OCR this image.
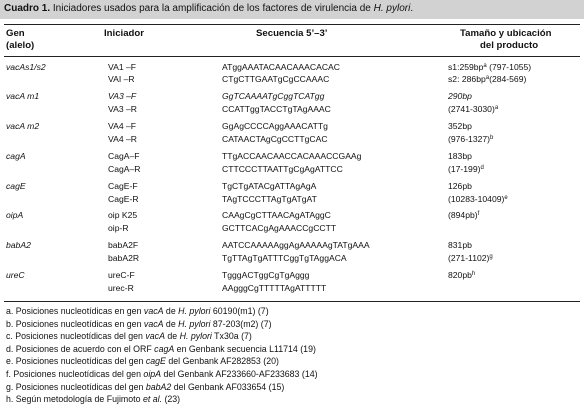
Cuadro 1. Iniciadores usados para la amplificación de los factores de virulencia de H. pylori.
Gen
(alelo)
Iniciador	Secuencia 5’–3’	Tamaño y ubicación
del producto
vacAs1/s2	VA1 –F	ATggAAATACAACAAACACAC	$s1:259bp^a$ (797-1055)
VAI –R	CTgCTTGAATgCgCCAAAC	s2: $286bp^a(284-569)$
vacA m1	VA3 –F	GgTCAAAATgCggTCATgg	290bp
VA3 –R	CCATTggTACCTgTAgAAAC	(2741-3030)$^a$
vacA m2	VA4 –F	GgAgCCCCAggAAACATTg	352bp
VA4 –R	CATAACTAgCgCCTTgCAC	$(976-1327)^b$
cagA	CagA–F	TTgACCAACAACCACAAACCGAAg	183bp
CagA–R	CTTCCCTTAATTgCgAgATTCC	$(17-199)^d$
cagE	CagE-F	TgCTgATACgATTAgAgA	126pb
CagE-R	TAgTCCCTTAgTgATgAT	$(10283-10409)^e$
oipA	oip K25	CAAgCgCTTAACAgATAggC	$(894pb)^f$
oip-R	GCTTCACgAgAAACCgCCTT
babA2	babA2F	AATCCAAAAAggAgAAAAAgTATgAAA	831pb
babA2R	TgTTAgTgATTTCggTgTAggACA	$(271-1102)^g$
ureC	ureC-F	TgggACTggCgTgAggg	$820pb^h$
urec-R	AAgggCgTTTTTAgATTTTT
a. Posiciones nucleotídicas en gen vacA de H. pylori 60190(m1) (7)
b. Posiciones nucleotídicas en gen vacA de H. pylori 87-203(m2) (7)
c. Posiciones nucleotídicas del gen vacA de H. pylori Tx30a (7)
d. Posiciones de acuerdo con el ORF cagA en Genbank secuencia L11714 (19)
e. Posiciones nucleotídicas del gen cagE del Genbank AF282853 (20)
f. Posiciones nucleotídicas del gen oipA del Genbank AF233660-AF233683 (14)
g. Posiciones nucleotídicas del gen babA2 del Genbank AF033654 (15)
h. Según metodología de Fujimoto et al. (23)
